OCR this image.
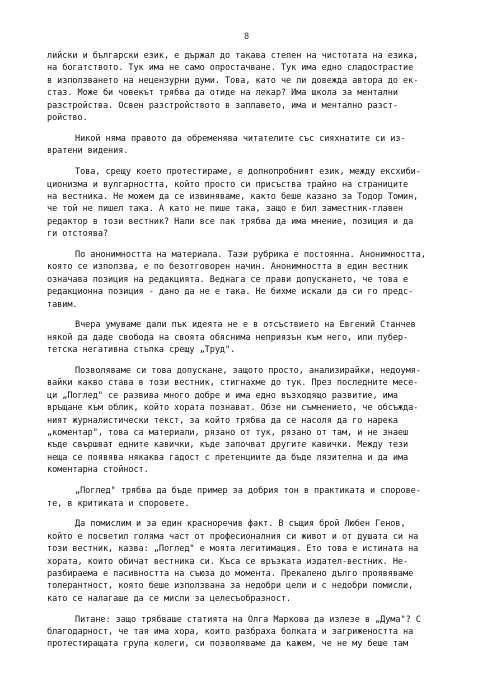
8
лийски и български език, е държал до такава степен на чистотата на езика,
на богатството. Тук има не само опростачване. Тук има едно сладострастие
в използването на нецензурни думи. Това, като че ли довежда автора до ек-
стаз. Може би човекът трябва да отиде на лекар? Има школа за ментални
разстройства. Освен разстройството в заплавето, има и ментално разст-
ройство.
Никой няма правото да обременява читателите със сияхнатите си из-
вратени видения.
Това, срещу което протестираме, е долнопробният език, между ексхиби-
ционизма и вулгарността, който просто си присъства трайно на страниците
на вестника. Не можем да се извиняваме, както беше казано за Тодор Томин,
че той не пишел така. А като не пише така, защо е бил заместник-главен
редактор в този вестник? Нали все пак трябва да има мнение, позиция и да
ги отстоява?
По анонимността на материала. Тази рубрика е постоянна. Анонимността,
която се използва, е по безотговорен начин. Анонимността в един вестник
означава позиция на редакцията. Веднага се прави допускането, че това е
редакционна позиция - дано да не е така. Не бихме искали да си го предс-
тавим.
Вчера умуваме дали пък идеята не е в отсъствието на Евгений Станчев
някой да даде свобода на своята обяснима неприязън към него, или пубер-
тетска негативна стъпка срещу „Труд".
Позволяваме си това допускане, защото просто, анализирайки, недоумя-
вайки какво става в този вестник, стигнахме до тук. През последните месе-
ци „Поглед" се развива много добре и има едно възходящо развитие, има
връщане към облик, който хората познават. Обзе ни съмнението, че обсъжда-
ният журналистически текст, за който трябва да се насоля да го нарека
„коментар", това са материали, рязано от тук, рязано от там, и не знаеш
къде свършват едните кавички, къде започват другите кавички. Между тези
неща се появява някаква гадост с претенциите да бъде лязителна и да има
коментарна стойност.
„Поглед" трябва да бъде пример за добрия тон в практиката и споровe-
те, в критиката и споровете.
Да помислим и за един красноречив факт. В същия брой Любен Генов,
който е посветил голяма част от професионалния си живот и от душата си на
този вестник, казва: „Поглед" е моята легитимация. Ето това е истината на
хората, които обичат вестника си. Къса се връзката издател-вестник. Не-
разбирaема е пасивността на съюза до момента. Прекалено дълго проявяваме
толерантност, която беше използвана за недобри цели и с недобри помисли,
като се налагаше да се мисли за целесъобразност.
Питане: защо трябваше статията на Олга Маркова да излезе в „Дума"? С
благодарност, че тая има хора, които разбраха болката и загрижеността на
протестиращата група колеги, си позволяваме да кажем, че не му беше там
